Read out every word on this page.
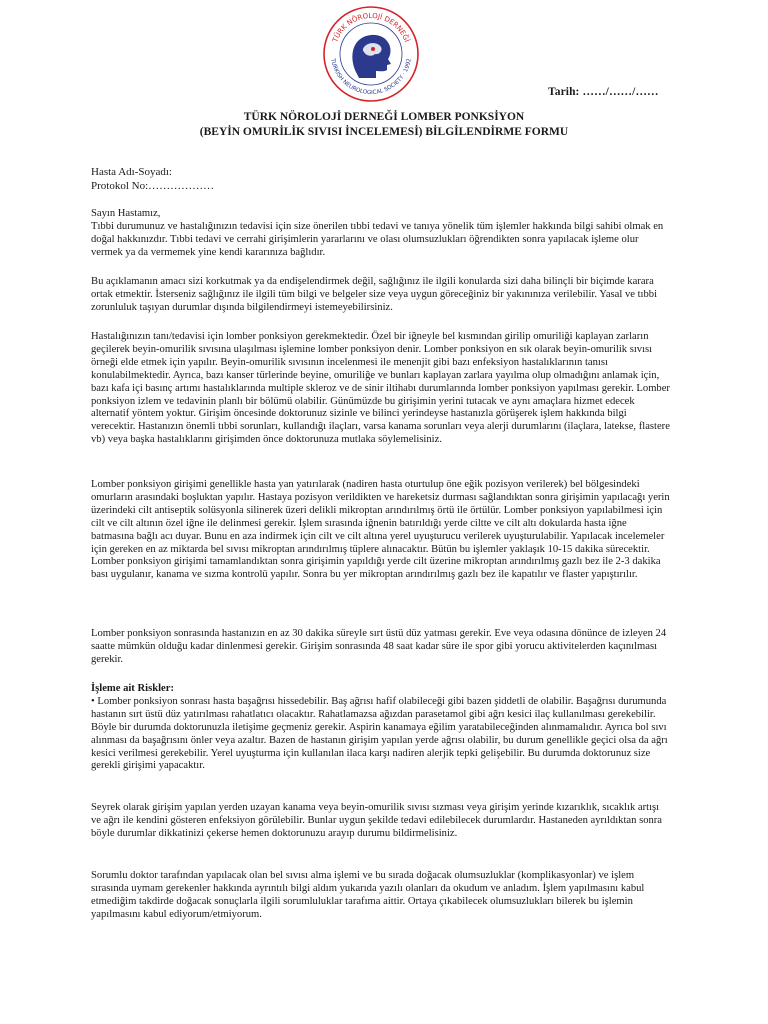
TÜRK NÖROLOJİ DERNEĞİ
TURKISH NEUROLOGICAL SOCIETY · 1992
Tarih: ……/……/……
TÜRK NÖROLOJİ DERNEĞİ LOMBER PONKSİYON
(BEYİN OMURİLİK SIVISI İNCELEMESİ) BİLGİLENDİRME FORMU
Hasta Adı-Soyadı:
Protokol No:………………

Sayın Hastamız,

Tıbbi durumunuz ve hastalığınızın tedavisi için size önerilen tıbbi tedavi ve tanıya yönelik tüm işlemler hakkında bilgi sahibi olmak en doğal hakkınızdır. Tıbbi tedavi ve cerrahi girişimlerin yararlarını ve olası olumsuzlukları öğrendikten sonra yapılacak işleme olur vermek ya da vermemek yine kendi kararınıza bağlıdır.

Bu açıklamanın amacı sizi korkutmak ya da endişelendirmek değil, sağlığınız ile ilgili konularda sizi daha bilinçli bir biçimde karara ortak etmektir. İsterseniz sağlığınız ile ilgili tüm bilgi ve belgeler size veya uygun göreceğiniz bir yakınınıza verilebilir. Yasal ve tıbbi zorunluluk taşıyan durumlar dışında bilgilendirmeyi istemeyebilirsiniz.
Hastalığınızın tanı/tedavisi için lomber ponksiyon gerekmektedir. Özel bir iğneyle bel kısmından girilip omuriliği kaplayan zarların geçilerek beyin-omurilik sıvısına ulaşılması işlemine lomber ponksiyon denir. Lomber ponksiyon en sık olarak beyin-omurilik sıvısı örneği elde etmek için yapılır. Beyin-omurilik sıvısının incelenmesi ile menenjit gibi bazı enfeksiyon hastalıklarının tanısı konulabilmektedir. Ayrıca, bazı kanser türlerinde beyine, omuriliğe ve bunları kaplayan zarlara yayılma olup olmadığını anlamak için, bazı kafa içi basınç artımı hastalıklarında multiple skleroz ve de sinir iltihabı durumlarında lomber ponksiyon yapılması gerekir. Lomber ponksiyon izlem ve tedavinin planlı bir bölümü olabilir. Günümüzde bu girişimin yerini tutacak ve aynı amaçlara hizmet edecek alternatif yöntem yoktur. Girişim öncesinde doktorunuz sizinle ve bilinci yerindeyse hastanızla görüşerek işlem hakkında bilgi verecektir. Hastanızın önemli tıbbi sorunları, kullandığı ilaçları, varsa kanama sorunları veya alerji durumlarını (ilaçlara, latekse, flastere vb) veya başka hastalıklarını girişimden önce doktorunuza mutlaka söylemelisiniz.
Lomber ponksiyon girişimi genellikle hasta yan yatırılarak (nadiren hasta oturtulup öne eğik pozisyon verilerek) bel bölgesindeki omurların arasındaki boşluktan yapılır. Hastaya pozisyon verildikten ve hareketsiz durması sağlandıktan sonra girişimin yapılacağı yerin üzerindeki cilt antiseptik solüsyonla silinerek üzeri delikli mikroptan arındırılmış örtü ile örtülür. Lomber ponksiyon yapılabilmesi için cilt ve cilt altının özel iğne ile delinmesi gerekir. İşlem sırasında iğnenin batırıldığı yerde ciltte ve cilt altı dokularda hasta iğne batmasına bağlı acı duyar. Bunu en aza indirmek için cilt ve cilt altına yerel uyuşturucu verilerek uyuşturulabilir. Yapılacak incelemeler için gereken en az miktarda bel sıvısı mikroptan arındırılmış tüplere alınacaktır. Bütün bu işlemler yaklaşık 10-15 dakika sürecektir. Lomber ponksiyon girişimi tamamlandıktan sonra girişimin yapıldığı yerde cilt üzerine mikroptan arındırılmış gazlı bez ile 2-3 dakika bası uygulanır, kanama ve sızma kontrolü yapılır. Sonra bu yer mikroptan arındırılmış gazlı bez ile kapatılır ve flaster yapıştırılır.
Lomber ponksiyon sonrasında hastanızın en az 30 dakika süreyle sırt üstü düz yatması gerekir. Eve veya odasına dönünce de izleyen 24 saatte mümkün olduğu kadar dinlenmesi gerekir. Girişim sonrasında 48 saat kadar süre ile spor gibi yorucu aktivitelerden kaçınılması gerekir.

İşleme ait Riskler:

• Lomber ponksiyon sonrası hasta başağrısı hissedebilir. Baş ağrısı hafif olabileceği gibi bazen şiddetli de olabilir. Başağrısı durumunda hastanın sırt üstü düz yatırılması rahatlatıcı olacaktır. Rahatlamazsa ağızdan parasetamol gibi ağrı kesici ilaç kullanılması gerekebilir. Böyle bir durumda doktorunuzla iletişime geçmeniz gerekir. Aspirin kanamaya eğilim yaratabileceğinden alınmamalıdır. Ayrıca bol sıvı alınması da başağrısını önler veya azaltır. Bazen de hastanın girişim yapılan yerde ağrısı olabilir, bu durum genellikle geçici olsa da ağrı kesici verilmesi gerekebilir. Yerel uyuşturma için kullanılan ilaca karşı nadiren alerjik tepki gelişebilir. Bu durumda doktorunuz size gerekli girişimi yapacaktır.

Seyrek olarak girişim yapılan yerden uzayan kanama veya beyin-omurilik sıvısı sızması veya girişim yerinde kızarıklık, sıcaklık artışı ve ağrı ile kendini gösteren enfeksiyon görülebilir. Bunlar uygun şekilde tedavi edilebilecek durumlardır. Hastaneden ayrıldıktan sonra böyle durumlar dikkatinizi çekerse hemen doktorunuzu arayıp durumu bildirmelisiniz.
Sorumlu doktor tarafından yapılacak olan bel sıvısı alma işlemi ve bu sırada doğacak olumsuzluklar (komplikasyonlar) ve işlem sırasında uymam gerekenler hakkında ayrıntılı bilgi aldım yukarıda yazılı olanları da okudum ve anladım. İşlem yapılmasını kabul etmediğim takdirde doğacak sonuçlarla ilgili sorumluluklar tarafıma aittir. Ortaya çıkabilecek olumsuzlukları bilerek bu işlemin yapılmasını kabul ediyorum/etmiyorum.
